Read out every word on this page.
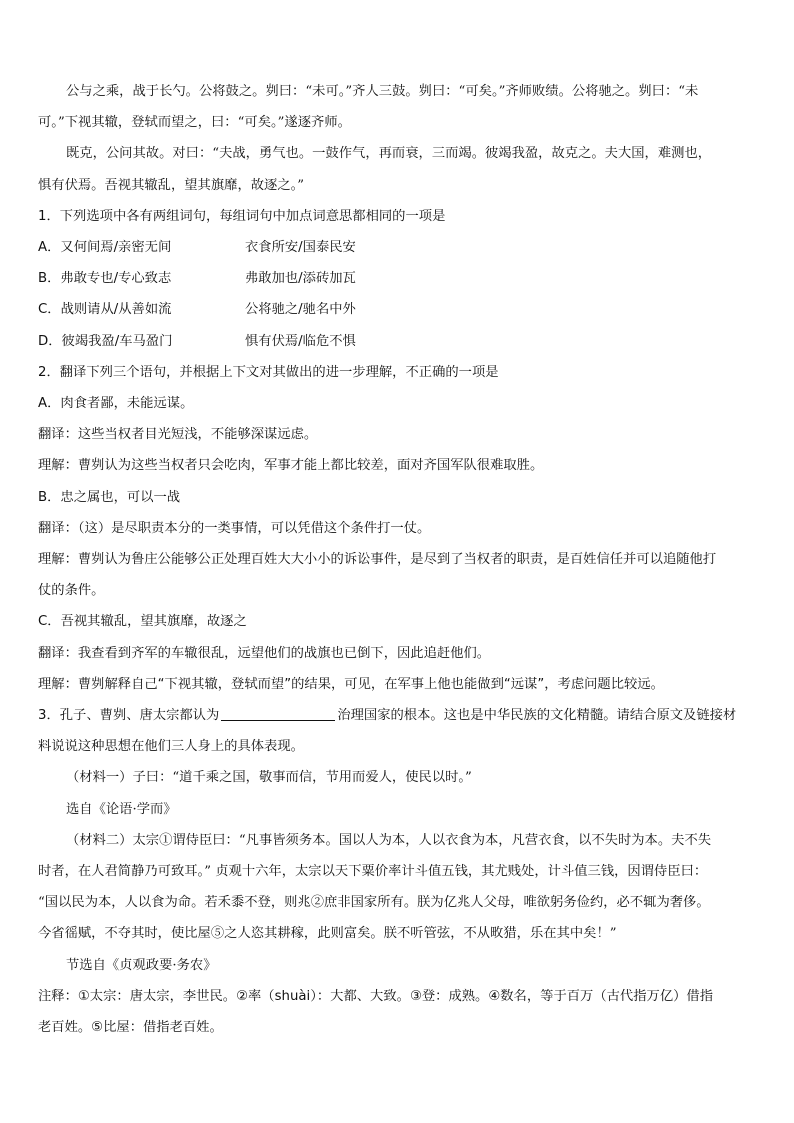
公与之乘，战于长勺。公将鼓之。刿曰：“未可。”齐人三鼓。刿曰：“可矣。”齐师败绩。公将驰之。刿曰：“未
可。”下视其辙，登轼而望之，曰：“可矣。”遂逐齐师。
既克，公问其故。对曰：“夫战，勇气也。一鼓作气，再而衰，三而竭。彼竭我盈，故克之。夫大国，难测也，
惧有伏焉。吾视其辙乱，望其旗靡，故逐之。”
1．下列选项中各有两组词句，每组词句中加点词意思都相同的一项是
A．又何间焉/亲密无间	衣食所安/国泰民安
B．弗敢专也/专心致志	弗敢加也/添砖加瓦
C．战则请从/从善如流	公将驰之/驰名中外
D．彼竭我盈/车马盈门	惧有伏焉/临危不惧
2．翻译下列三个语句，并根据上下文对其做出的进一步理解，不正确的一项是
A．肉食者鄙，未能远谋。
翻译：这些当权者目光短浅，不能够深谋远虑。
理解：曹刿认为这些当权者只会吃肉，军事才能上都比较差，面对齐国军队很难取胜。
B．忠之属也，可以一战
翻译：（这）是尽职责本分的一类事情，可以凭借这个条件打一仗。
理解：曹刿认为鲁庄公能够公正处理百姓大大小小的诉讼事件，是尽到了当权者的职责，是百姓信任并可以追随他打
仗的条件。
C．吾视其辙乱，望其旗靡，故逐之
翻译：我查看到齐军的车辙很乱，远望他们的战旗也已倒下，因此追赶他们。
理解：曹刿解释自己“下视其辙，登轼而望”的结果，可见，在军事上他也能做到“远谋”，考虑问题比较远。
3．孔子、曹刿、唐太宗都认为	治理国家的根本。这也是中华民族的文化精髓。请结合原文及链接材
料说说这种思想在他们三人身上的具体表现。
（材料一）子曰：“道千乘之国，敬事而信，节用而爱人，使民以时。”
选自《论语·学而》
（材料二）太宗①谓侍臣曰：“凡事皆须务本。国以人为本，人以衣食为本，凡营衣食，以不失时为本。夫不失
时者，在人君简静乃可致耳。” 贞观十六年，太宗以天下粟价率计斗值五钱，其尤贱处，计斗值三钱，因谓侍臣曰：
“国以民为本，人以食为命。若禾黍不登，则兆②庶非国家所有。朕为亿兆人父母，唯欲躬务俭约，必不辄为奢侈。
今省徭赋，不夺其时，使比屋⑤之人恣其耕稼，此则富矣。朕不听管弦，不从畋猎，乐在其中矣！”
节选自《贞观政要·务农》
注释：①太宗：唐太宗，李世民。②率（shuài）：大都、大致。③登：成熟。④数名，等于百万（古代指万亿）借指
老百姓。⑤比屋：借指老百姓。
